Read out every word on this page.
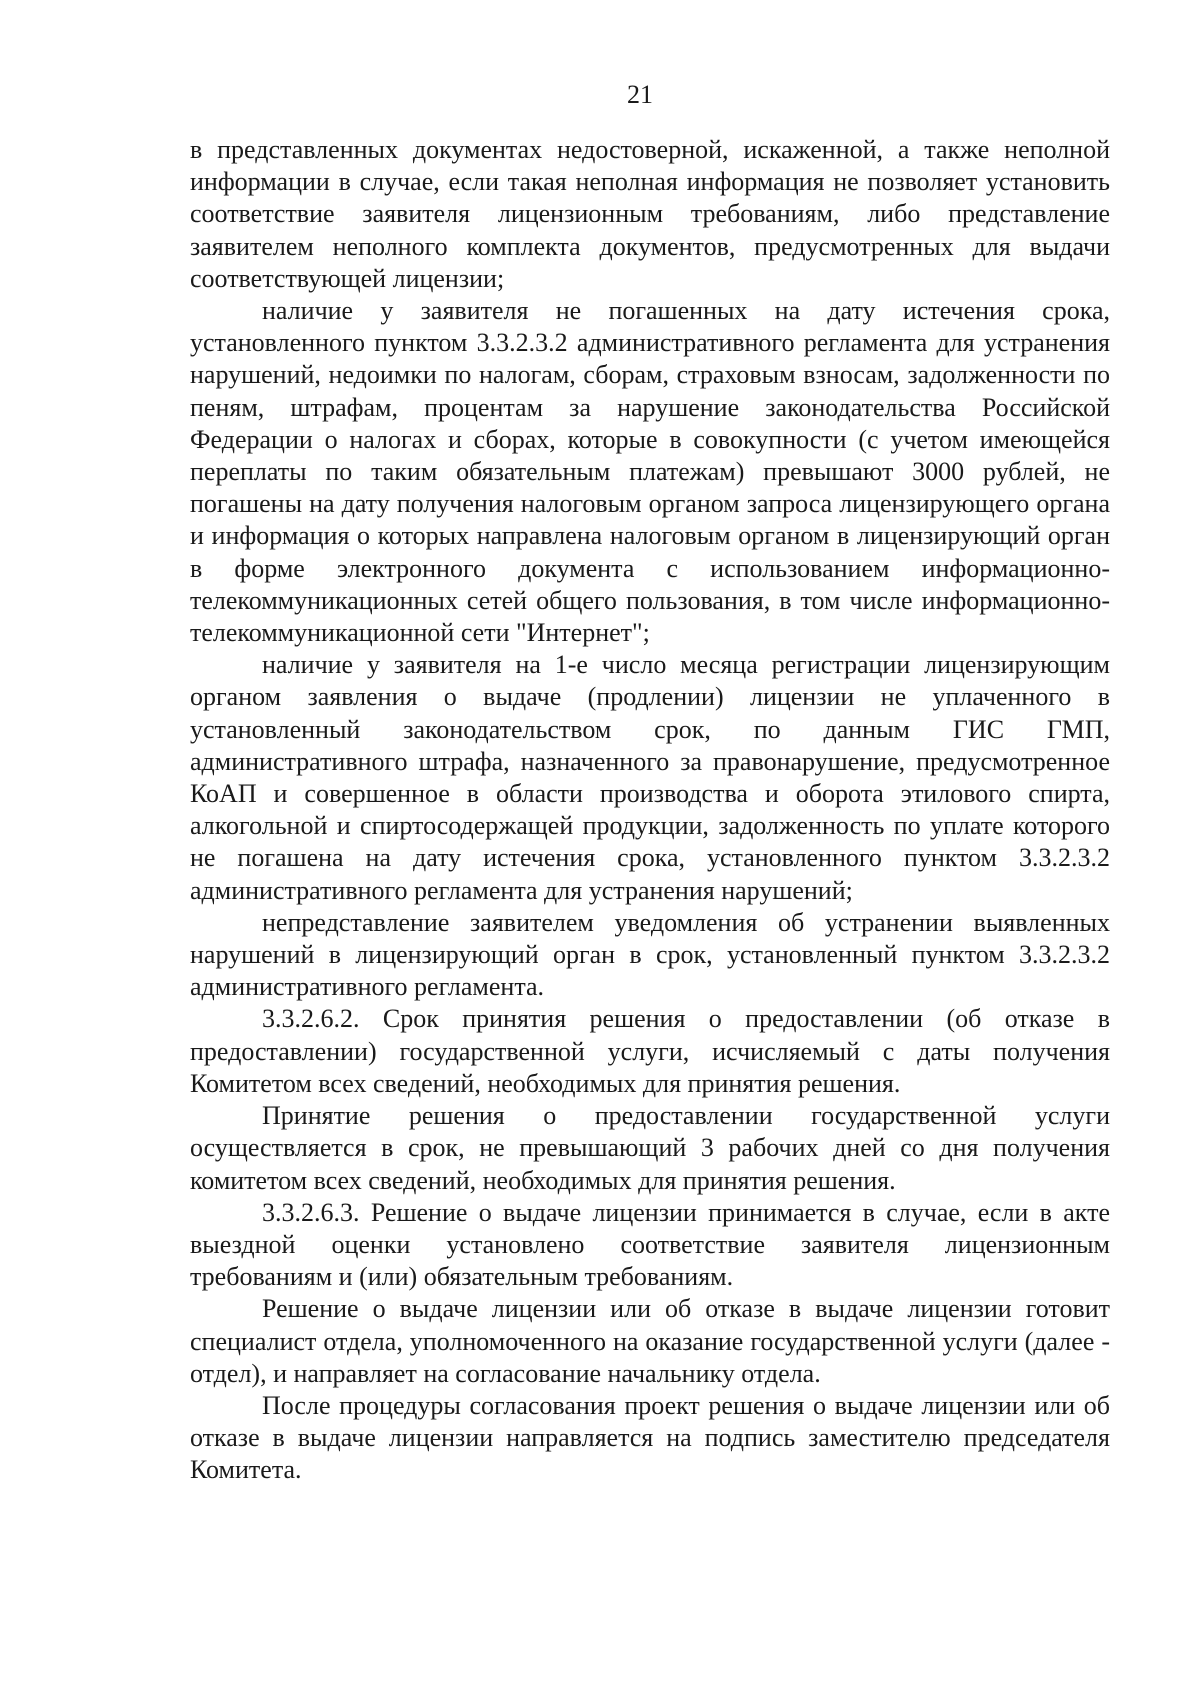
21

в представленных документах недостоверной, искаженной, а также неполной информации в случае, если такая неполная информация не позволяет установить соответствие заявителя лицензионным требованиям, либо представление заявителем неполного комплекта документов, предусмотренных для выдачи соответствующей лицензии;

наличие у заявителя не погашенных на дату истечения срока, установленного пунктом 3.3.2.3.2 административного регламента для устранения нарушений, недоимки по налогам, сборам, страховым взносам, задолженности по пеням, штрафам, процентам за нарушение законодательства Российской Федерации о налогах и сборах, которые в совокупности (с учетом имеющейся переплаты по таким обязательным платежам) превышают 3000 рублей, не погашены на дату получения налоговым органом запроса лицензирующего органа и информация о которых направлена налоговым органом в лицензирующий орган в форме электронного документа с использованием информационно-телекоммуникационных сетей общего пользования, в том числе информационно-телекоммуникационной сети "Интернет";

наличие у заявителя на 1-е число месяца регистрации лицензирующим органом заявления о выдаче (продлении) лицензии не уплаченного в установленный законодательством срок, по данным ГИС ГМП, административного штрафа, назначенного за правонарушение, предусмотренное КоАП и совершенное в области производства и оборота этилового спирта, алкогольной и спиртосодержащей продукции, задолженность по уплате которого не погашена на дату истечения срока, установленного пунктом 3.3.2.3.2 административного регламента для устранения нарушений;

непредставление заявителем уведомления об устранении выявленных нарушений в лицензирующий орган в срок, установленный пунктом 3.3.2.3.2 административного регламента.

3.3.2.6.2. Срок принятия решения о предоставлении (об отказе в предоставлении) государственной услуги, исчисляемый с даты получения Комитетом всех сведений, необходимых для принятия решения.

Принятие решения о предоставлении государственной услуги осуществляется в срок, не превышающий 3 рабочих дней со дня получения комитетом всех сведений, необходимых для принятия решения.

3.3.2.6.3. Решение о выдаче лицензии принимается в случае, если в акте выездной оценки установлено соответствие заявителя лицензионным требованиям и (или) обязательным требованиям.

Решение о выдаче лицензии или об отказе в выдаче лицензии готовит специалист отдела, уполномоченного на оказание государственной услуги (далее - отдел), и направляет на согласование начальнику отдела.

После процедуры согласования проект решения о выдаче лицензии или об отказе в выдаче лицензии направляется на подпись заместителю председателя Комитета.
